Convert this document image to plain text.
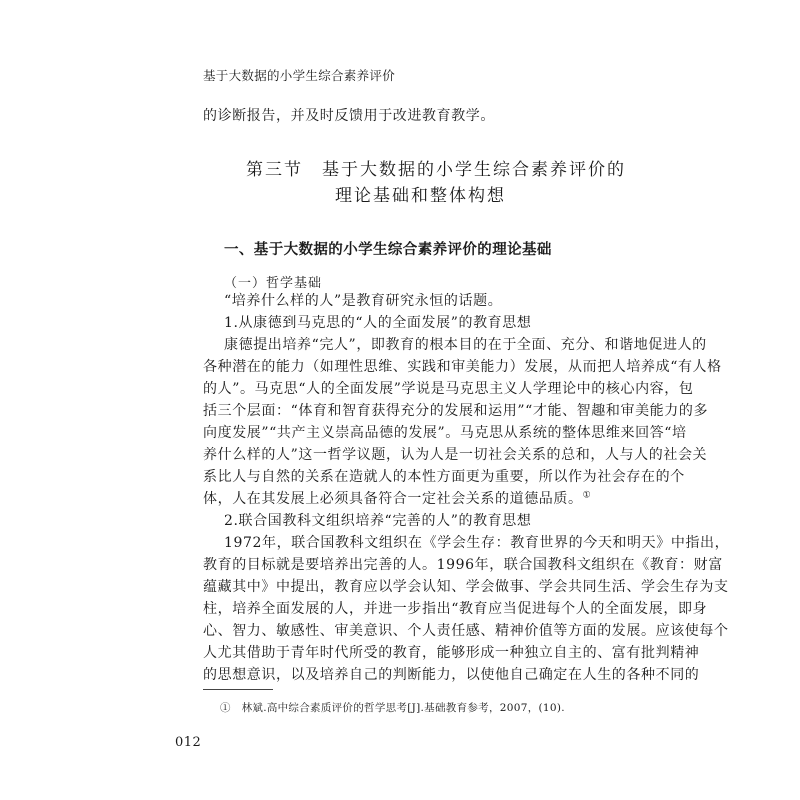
基于大数据的小学生综合素养评价
的诊断报告，并及时反馈用于改进教育教学。
第三节　基于大数据的小学生综合素养评价的
理论基础和整体构想
一、基于大数据的小学生综合素养评价的理论基础
（一）哲学基础
“培养什么样的人”是教育研究永恒的话题。
1.从康德到马克思的“人的全面发展”的教育思想
康德提出培养“完人”，即教育的根本目的在于全面、充分、和谐地促进人的
各种潜在的能力（如理性思维、实践和审美能力）发展，从而把人培养成“有人格
的人”。马克思“人的全面发展”学说是马克思主义人学理论中的核心内容，包
括三个层面：“体育和智育获得充分的发展和运用”“才能、智趣和审美能力的多
向度发展”“共产主义崇高品德的发展”。马克思从系统的整体思维来回答“培
养什么样的人”这一哲学议题，认为人是一切社会关系的总和，人与人的社会关
系比人与自然的关系在造就人的本性方面更为重要，所以作为社会存在的个
体，人在其发展上必须具备符合一定社会关系的道德品质。①
2.联合国教科文组织培养“完善的人”的教育思想
1972年，联合国教科文组织在《学会生存：教育世界的今天和明天》中指出，
教育的目标就是要培养出完善的人。1996年，联合国教科文组织在《教育：财富
蕴藏其中》中提出，教育应以学会认知、学会做事、学会共同生活、学会生存为支
柱，培养全面发展的人，并进一步指出“教育应当促进每个人的全面发展，即身
心、智力、敏感性、审美意识、个人责任感、精神价值等方面的发展。应该使每个
人尤其借助于青年时代所受的教育，能够形成一种独立自主的、富有批判精神
的思想意识，以及培养自己的判断能力，以使他自己确定在人生的各种不同的
①　林斌.高中综合素质评价的哲学思考[J].基础教育参考，2007，(10).
012
